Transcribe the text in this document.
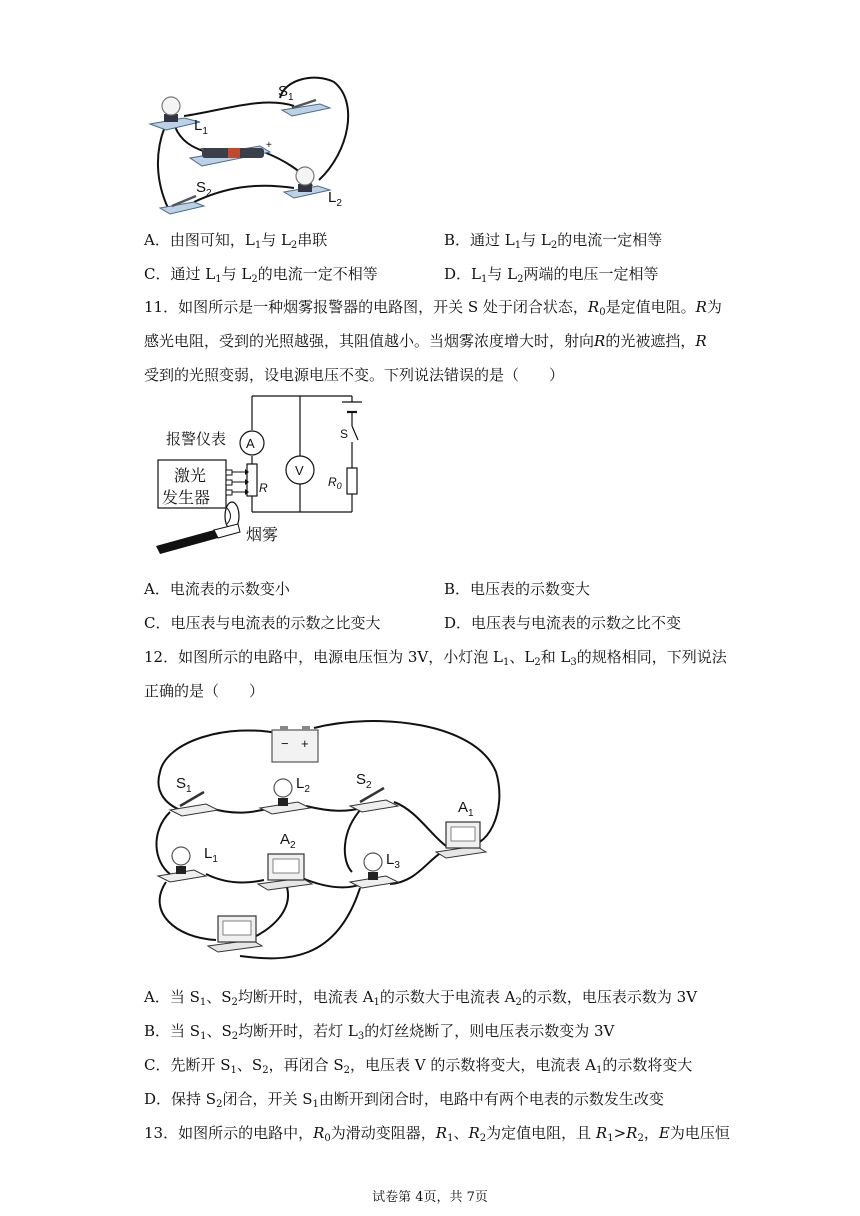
$S_1$
$L_1$
$S_2$	$L_2$
−	+
A．由图可知，$L_1$与 $L_2$串联	B．通过 $L_1$与 $L_2$的电流一定相等
C．通过 $L_1$与 $L_2$的电流一定不相等	D．$L_1$与 $L_2$两端的电压一定相等
11．如图所示是一种烟雾报警器的电路图，开关 S 处于闭合状态，$R_0$是定值电阻。R为
感光电阻，受到的光照越强，其阻值越小。当烟雾浓度增大时，射向R的光被遮挡，R
受到的光照变弱，设电源电压不变。下列说法错误的是（　　）
报警仪表 A
激光
发生器
R
V
S
$R_0$
烟雾
A．电流表的示数变小	B．电压表的示数变大
C．电压表与电流表的示数之比变大	D．电压表与电流表的示数之比不变
12．如图所示的电路中，电源电压恒为 3V，小灯泡 $L_1$、$L_2$和 $L_3$的规格相同，下列说法
正确的是（　　）
− +
$S_1$	$L_2$
$S_2$
$A_1$
$L_1$
$A_2$
$L_3$
A．当 $S_1$、$S_2$均断开时，电流表 $A_1$的示数大于电流表 $A_2$的示数，电压表示数为 3V
B．当 $S_1$、$S_2$均断开时，若灯 $L_3$的灯丝烧断了，则电压表示数变为 3V
C．先断开 $S_1$、$S_2$，再闭合 $S_2$，电压表 V 的示数将变大，电流表 $A_1$的示数将变大
D．保持 $S_2$闭合，开关 $S_1$由断开到闭合时，电路中有两个电表的示数发生改变
13．如图所示的电路中，$R_0$为滑动变阻器，$R_1$、$R_2$为定值电阻，且 $R_1>R_2$，E为电压恒
试卷第 4页，共 7页
